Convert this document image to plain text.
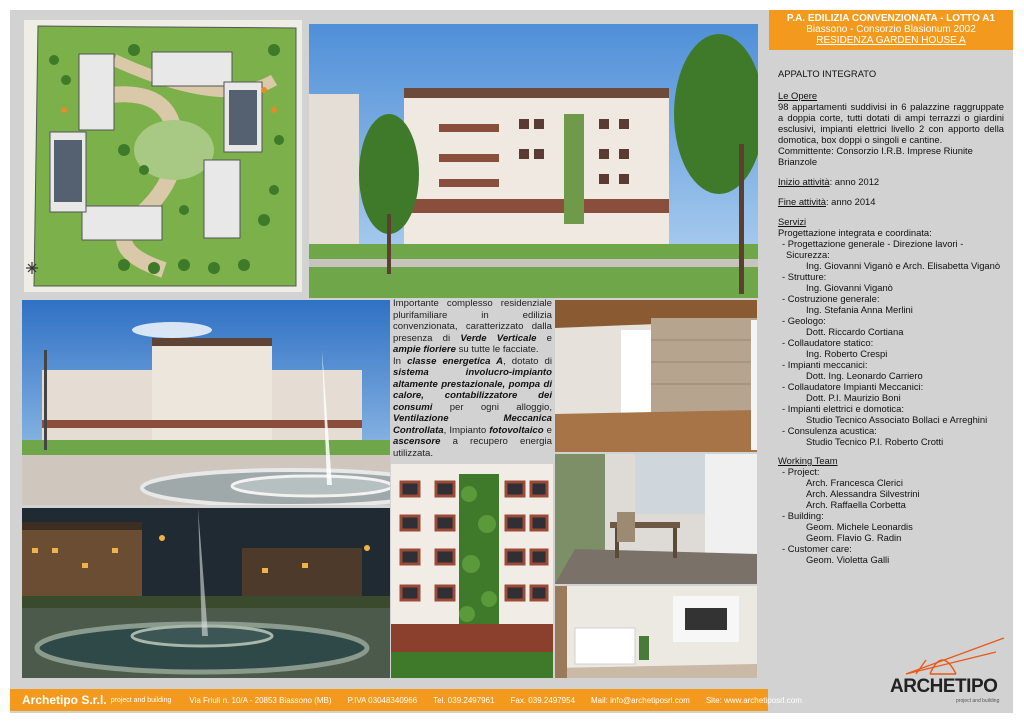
Importante complesso residenziale plurifamiliare in edilizia convenzionata, caratterizzato dalla presenza di Verde Verticale e ampie fioriere su tutte le facciate.
In classe energetica A, dotato di sistema involucro-impianto altamente prestazionale, pompa di calore, contabilizzatore dei consumi per ogni alloggio, Ventilazione Meccanica Controllata, Impianto fotovoltaico e ascensore a recupero energia utilizzata.
P.A. EDILIZIA CONVENZIONATA - LOTTO A1
Biassono - Consorzio Blasionum 2002
RESIDENZA GARDEN HOUSE A
APPALTO INTEGRATO
Le Opere
98 appartamenti suddivisi in 6 palazzine raggruppate a doppia corte, tutti dotati di ampi terrazzi o giardini esclusivi, impianti elettrici livello 2 con apporto della domotica, box doppi o singoli e cantine.
Committente: Consorzio I.R.B. Imprese Riunite Brianzole
Inizio attività: anno 2012
Fine attività: anno 2014
Servizi
Progettazione integrata e coordinata:
- Progettazione generale - Direzione lavori - Sicurezza:
Ing. Giovanni Viganò e Arch. Elisabetta Viganò
- Strutture:
Ing. Giovanni Viganò
- Costruzione generale:
Ing. Stefania Anna Merlini
- Geologo:
Dott. Riccardo Cortiana
- Collaudatore statico:
Ing. Roberto Crespi
- Impianti meccanici:
Dott. Ing. Leonardo Carriero
- Collaudatore Impianti Meccanici:
Dott. P.I. Maurizio Boni
- Impianti elettrici e domotica:
Studio Tecnico Associato Bollaci e Arreghini
- Consulenza acustica:
Studio Tecnico P.I. Roberto Crotti
Working Team
- Project:
Arch. Francesca Clerici
Arch. Alessandra Silvestrini
Arch. Raffaella Corbetta
- Building:
Geom. Michele Leonardis
Geom. Flavio G. Radin
- Customer care:
Geom. Violetta Galli
ARCHETIPO
project and building
Archetipo S.r.l. project and building Via Friuli n. 10/A - 20853 Biassono (MB) P.IVA 03048340966 Tel. 039.2497961 Fax. 039.2497954 Mail: info@archetiposrl.com Site: www.archetiposrl.com
